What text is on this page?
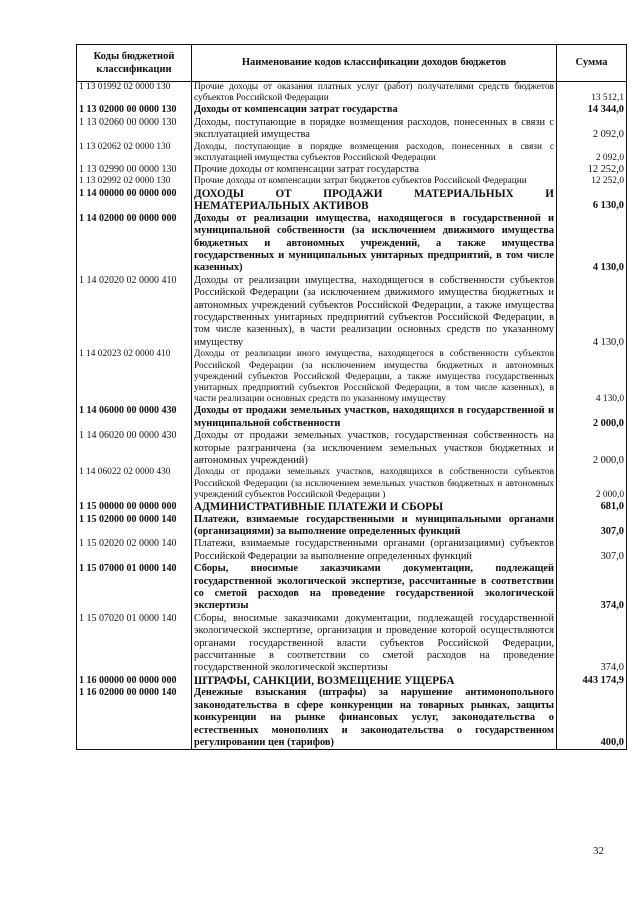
Коды бюджетной классификации	Наименование кодов классификации доходов бюджетов	Сумма
1 13 01992 02 0000 130	Прочие доходы от оказания платных услуг (работ) получателями средств бюджетов субъектов Российской Федерации	13 512,1
1 13 02000 00 0000 130	Доходы от компенсации затрат государства	14 344,0
1 13 02060 00 0000 130	Доходы, поступающие в порядке возмещения расходов, понесенных в связи с эксплуатацией имущества	2 092,0
1 13 02062 02 0000 130	Доходы, поступающие в порядке возмещения расходов, понесенных в связи с эксплуатацией имущества субъектов Российской Федерации	2 092,0
1 13 02990 00 0000 130	Прочие доходы от компенсации затрат государства	12 252,0
1 13 02992 02 0000 130	Прочие доходы от компенсации затрат бюджетов субъектов Российской Федерации	12 252,0
1 14 00000 00 0000 000	ДОХОДЫ ОТ ПРОДАЖИ МАТЕРИАЛЬНЫХ И НЕМАТЕРИАЛЬНЫХ АКТИВОВ	6 130,0
1 14 02000 00 0000 000	Доходы от реализации имущества, находящегося в государственной и муниципальной собственности (за исключением движимого имущества бюджетных и автономных учреждений, а также имущества государственных и муниципальных унитарных предприятий, в том числе казенных)	4 130,0
1 14 02020 02 0000 410	Доходы от реализации имущества, находящегося в собственности субъектов Российской Федерации (за исключением движимого имущества бюджетных и автономных учреждений субъектов Российской Федерации, а также имущества государственных унитарных предприятий субъектов Российской Федерации, в том числе казенных), в части реализации основных средств по указанному имуществу	4 130,0
1 14 02023 02 0000 410	Доходы от реализации иного имущества, находящегося в собственности субъектов Российской Федерации (за исключением имущества бюджетных и автономных учреждений субъектов Российской Федерации, а также имущества государственных унитарных предприятий субъектов Российской Федерации, в том числе казенных), в части реализации основных средств по указанному имуществу	4 130,0
1 14 06000 00 0000 430	Доходы от продажи земельных участков, находящихся в государственной и муниципальной собственности	2 000,0
1 14 06020 00 0000 430	Доходы от продажи земельных участков, государственная собственность на которые разграничена (за исключением земельных участков бюджетных и автономных учреждений)	2 000,0
1 14 06022 02 0000 430	Доходы от продажи земельных участков, находящихся в собственности субъектов Российской Федерации (за исключением земельных участков бюджетных и автономных учреждений субъектов Российской Федерации )	2 000,0
1 15 00000 00 0000 000	АДМИНИСТРАТИВНЫЕ ПЛАТЕЖИ И СБОРЫ	681,0
1 15 02000 00 0000 140	Платежи, взимаемые государственными и муниципальными органами (организациями) за выполнение определенных функций	307,0
1 15 02020 02 0000 140	Платежи, взимаемые государственными органами (организациями) субъектов Российской Федерации за выполнение определенных функций	307,0
1 15 07000 01 0000 140	Сборы, вносимые заказчиками документации, подлежащей государственной экологической экспертизе, рассчитанные в соответствии со сметой расходов на проведение государственной экологической экспертизы	374,0
1 15 07020 01 0000 140	Сборы, вносимые заказчиками документации, подлежащей государственной экологической экспертизе, организация и проведение которой осуществляются органами государственной власти субъектов Российской Федерации, рассчитанные в соответствии со сметой расходов на проведение государственной экологической экспертизы	374,0
1 16 00000 00 0000 000	ШТРАФЫ, САНКЦИИ, ВОЗМЕЩЕНИЕ УЩЕРБА	443 174,9
1 16 02000 00 0000 140	Денежные взыскания (штрафы) за нарушение антимонопольного законодательства в сфере конкуренции на товарных рынках, защиты конкуренции на рынке финансовых услуг, законодательства о естественных монополиях и законодательства о государственном регулировании цен (тарифов)	400,0
32
